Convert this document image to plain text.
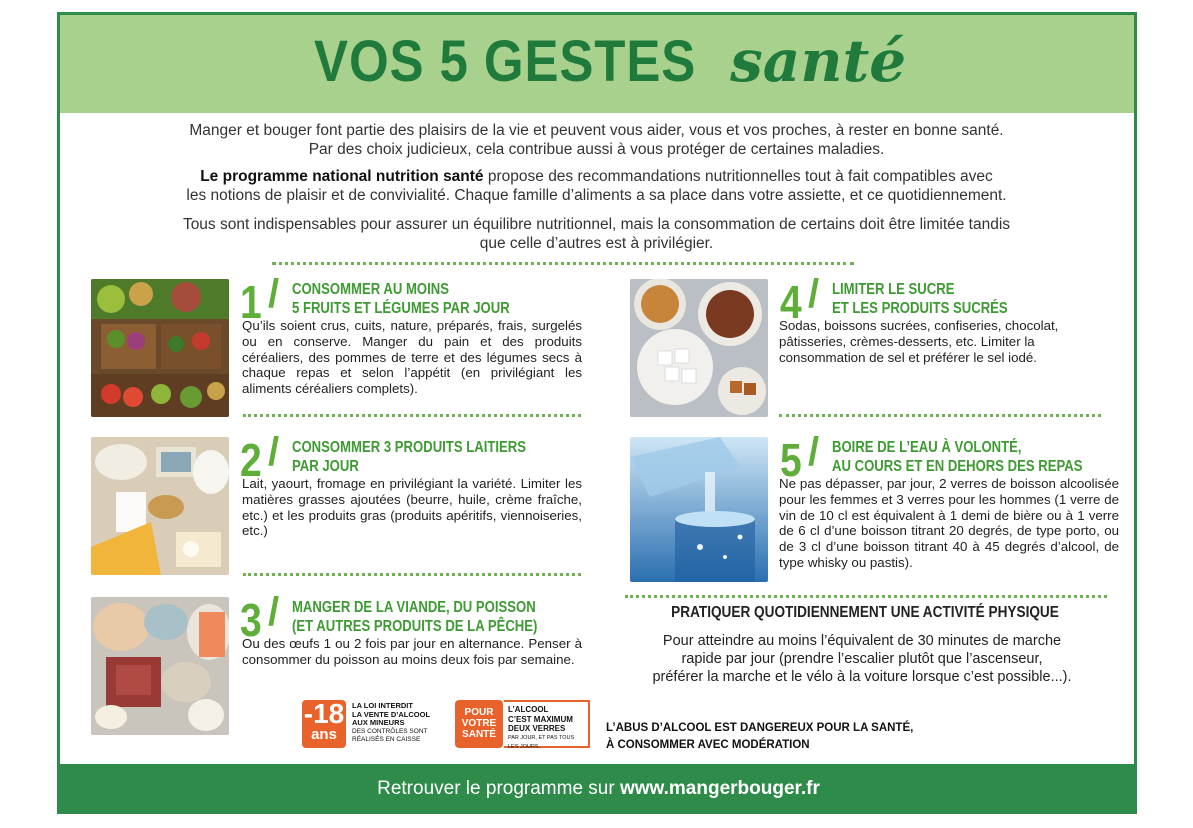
VOS 5 GESTES santé
Manger et bouger font partie des plaisirs de la vie et peuvent vous aider, vous et vos proches, à rester en bonne santé.
Par des choix judicieux, cela contribue aussi à vous protéger de certaines maladies.
Le programme national nutrition santé propose des recommandations nutritionnelles tout à fait compatibles avec
les notions de plaisir et de convivialité. Chaque famille d’aliments a sa place dans votre assiette, et ce quotidiennement.
Tous sont indispensables pour assurer un équilibre nutritionnel, mais la consommation de certains doit être limitée tandis
que celle d’autres est à privilégier.
1 / CONSOMMER AU MOINS
5 FRUITS ET LÉGUMES PAR JOUR
Qu’ils soient crus, cuits, nature, préparés, frais, surgelés ou en conserve. Manger du pain et des produits céréaliers, des pommes de terre et des légumes secs à chaque repas et selon l’appétit (en privilégiant les aliments céréaliers complets).
2 / CONSOMMER 3 PRODUITS LAITIERS
PAR JOUR
Lait, yaourt, fromage en privilégiant la variété. Limiter les matières grasses ajoutées (beurre, huile, crème fraîche, etc.) et les produits gras (produits apéritifs, viennoiseries, etc.)
3 / MANGER DE LA VIANDE, DU POISSON
(ET AUTRES PRODUITS DE LA PÊCHE)
Ou des œufs 1 ou 2 fois par jour en alternance. Penser à consommer du poisson au moins deux fois par semaine.
4 / LIMITER LE SUCRE
ET LES PRODUITS SUCRÉS
Sodas, boissons sucrées, confiseries, chocolat, pâtisseries, crèmes-desserts, etc. Limiter la consommation de sel et préférer le sel iodé.
5 / BOIRE DE L’EAU À VOLONTÉ,
AU COURS ET EN DEHORS DES REPAS
Ne pas dépasser, par jour, 2 verres de boisson alcoolisée pour les femmes et 3 verres pour les hommes (1 verre de vin de 10 cl est équivalent à 1 demi de bière ou à 1 verre de 6 cl d’une boisson titrant 20 degrés, de type porto, ou de 3 cl d’une boisson titrant 40 à 45 degrés d’alcool, de type whisky ou pastis).
PRATIQUER QUOTIDIENNEMENT UNE ACTIVITÉ PHYSIQUE
Pour atteindre au moins l’équivalent de 30 minutes de marche
rapide par jour (prendre l’escalier plutôt que l’ascenseur,
préférer la marche et le vélo à la voiture lorsque c’est possible...).
-18
ans
LA LOI INTERDIT
LA VENTE D’ALCOOL
AUX MINEURS
DES CONTRÔLES SONT
RÉALISÉS EN CAISSE
POUR
VOTRE
SANTÉ
L’ALCOOL
C’EST MAXIMUM
DEUX VERRES
PAR JOUR, ET PAS TOUS LES JOURS.
L’ABUS D’ALCOOL EST DANGEREUX POUR LA SANTÉ,
À CONSOMMER AVEC MODÉRATION
Retrouver le programme sur www.mangerbouger.fr
